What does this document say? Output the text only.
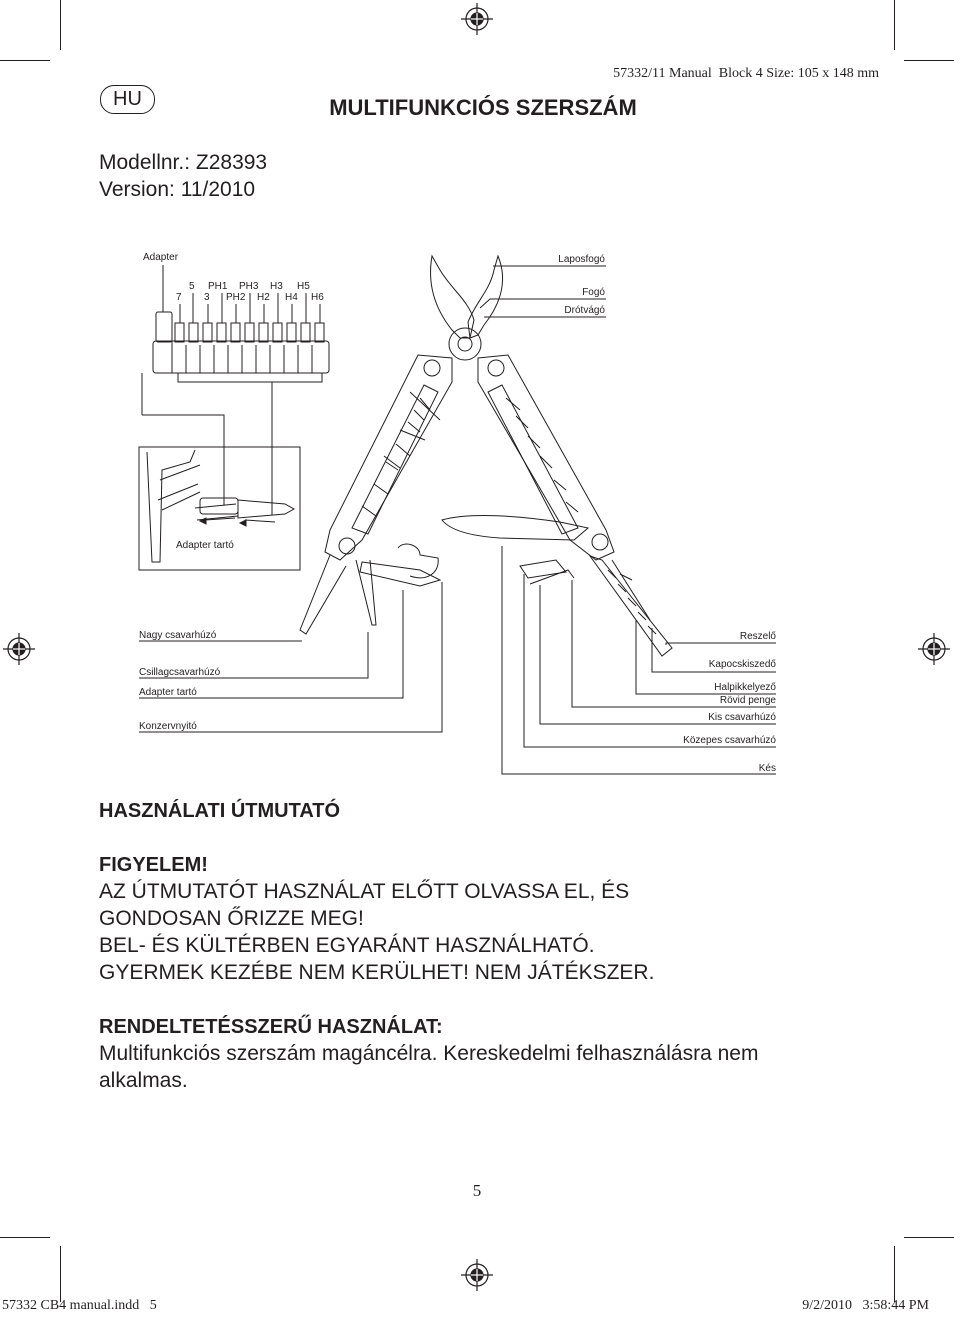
57332/11 Manual  Block 4 Size: 105 x 148 mm
HU	MULTIFUNKCIÓS SZERSZÁM
Modellnr.: Z28393
Version: 11/2010
Adapter
5 PH1 PH3 H3 H5
7 3 PH2 H2 H4 H6
Adapter tartó
Laposfogó
Fogó
Drótvágó
Nagy csavarhúzó
Csillagcsavarhúzó
Adapter tartó
Konzervnyitó
Reszelő
Kapocskiszedő
Halpikkelyező
Rövid penge
Kis csavarhúzó
Közepes csavarhúzó
Kés
HASZNÁLATI ÚTMUTATÓ
FIGYELEM!
AZ ÚTMUTATÓT HASZNÁLAT ELŐTT OLVASSA EL, ÉS
GONDOSAN ŐRIZZE MEG!
BEL- ÉS KÜLTÉRBEN EGYARÁNT HASZNÁLHATÓ.
GYERMEK KEZÉBE NEM KERÜLHET! NEM JÁTÉKSZER.
RENDELTETÉSSZERŰ HASZNÁLAT:
Multifunkciós szerszám magáncélra. Kereskedelmi felhasználásra nem
alkalmas.
5
57332 CB4 manual.indd   5	9/2/2010   3:58:44 PM
